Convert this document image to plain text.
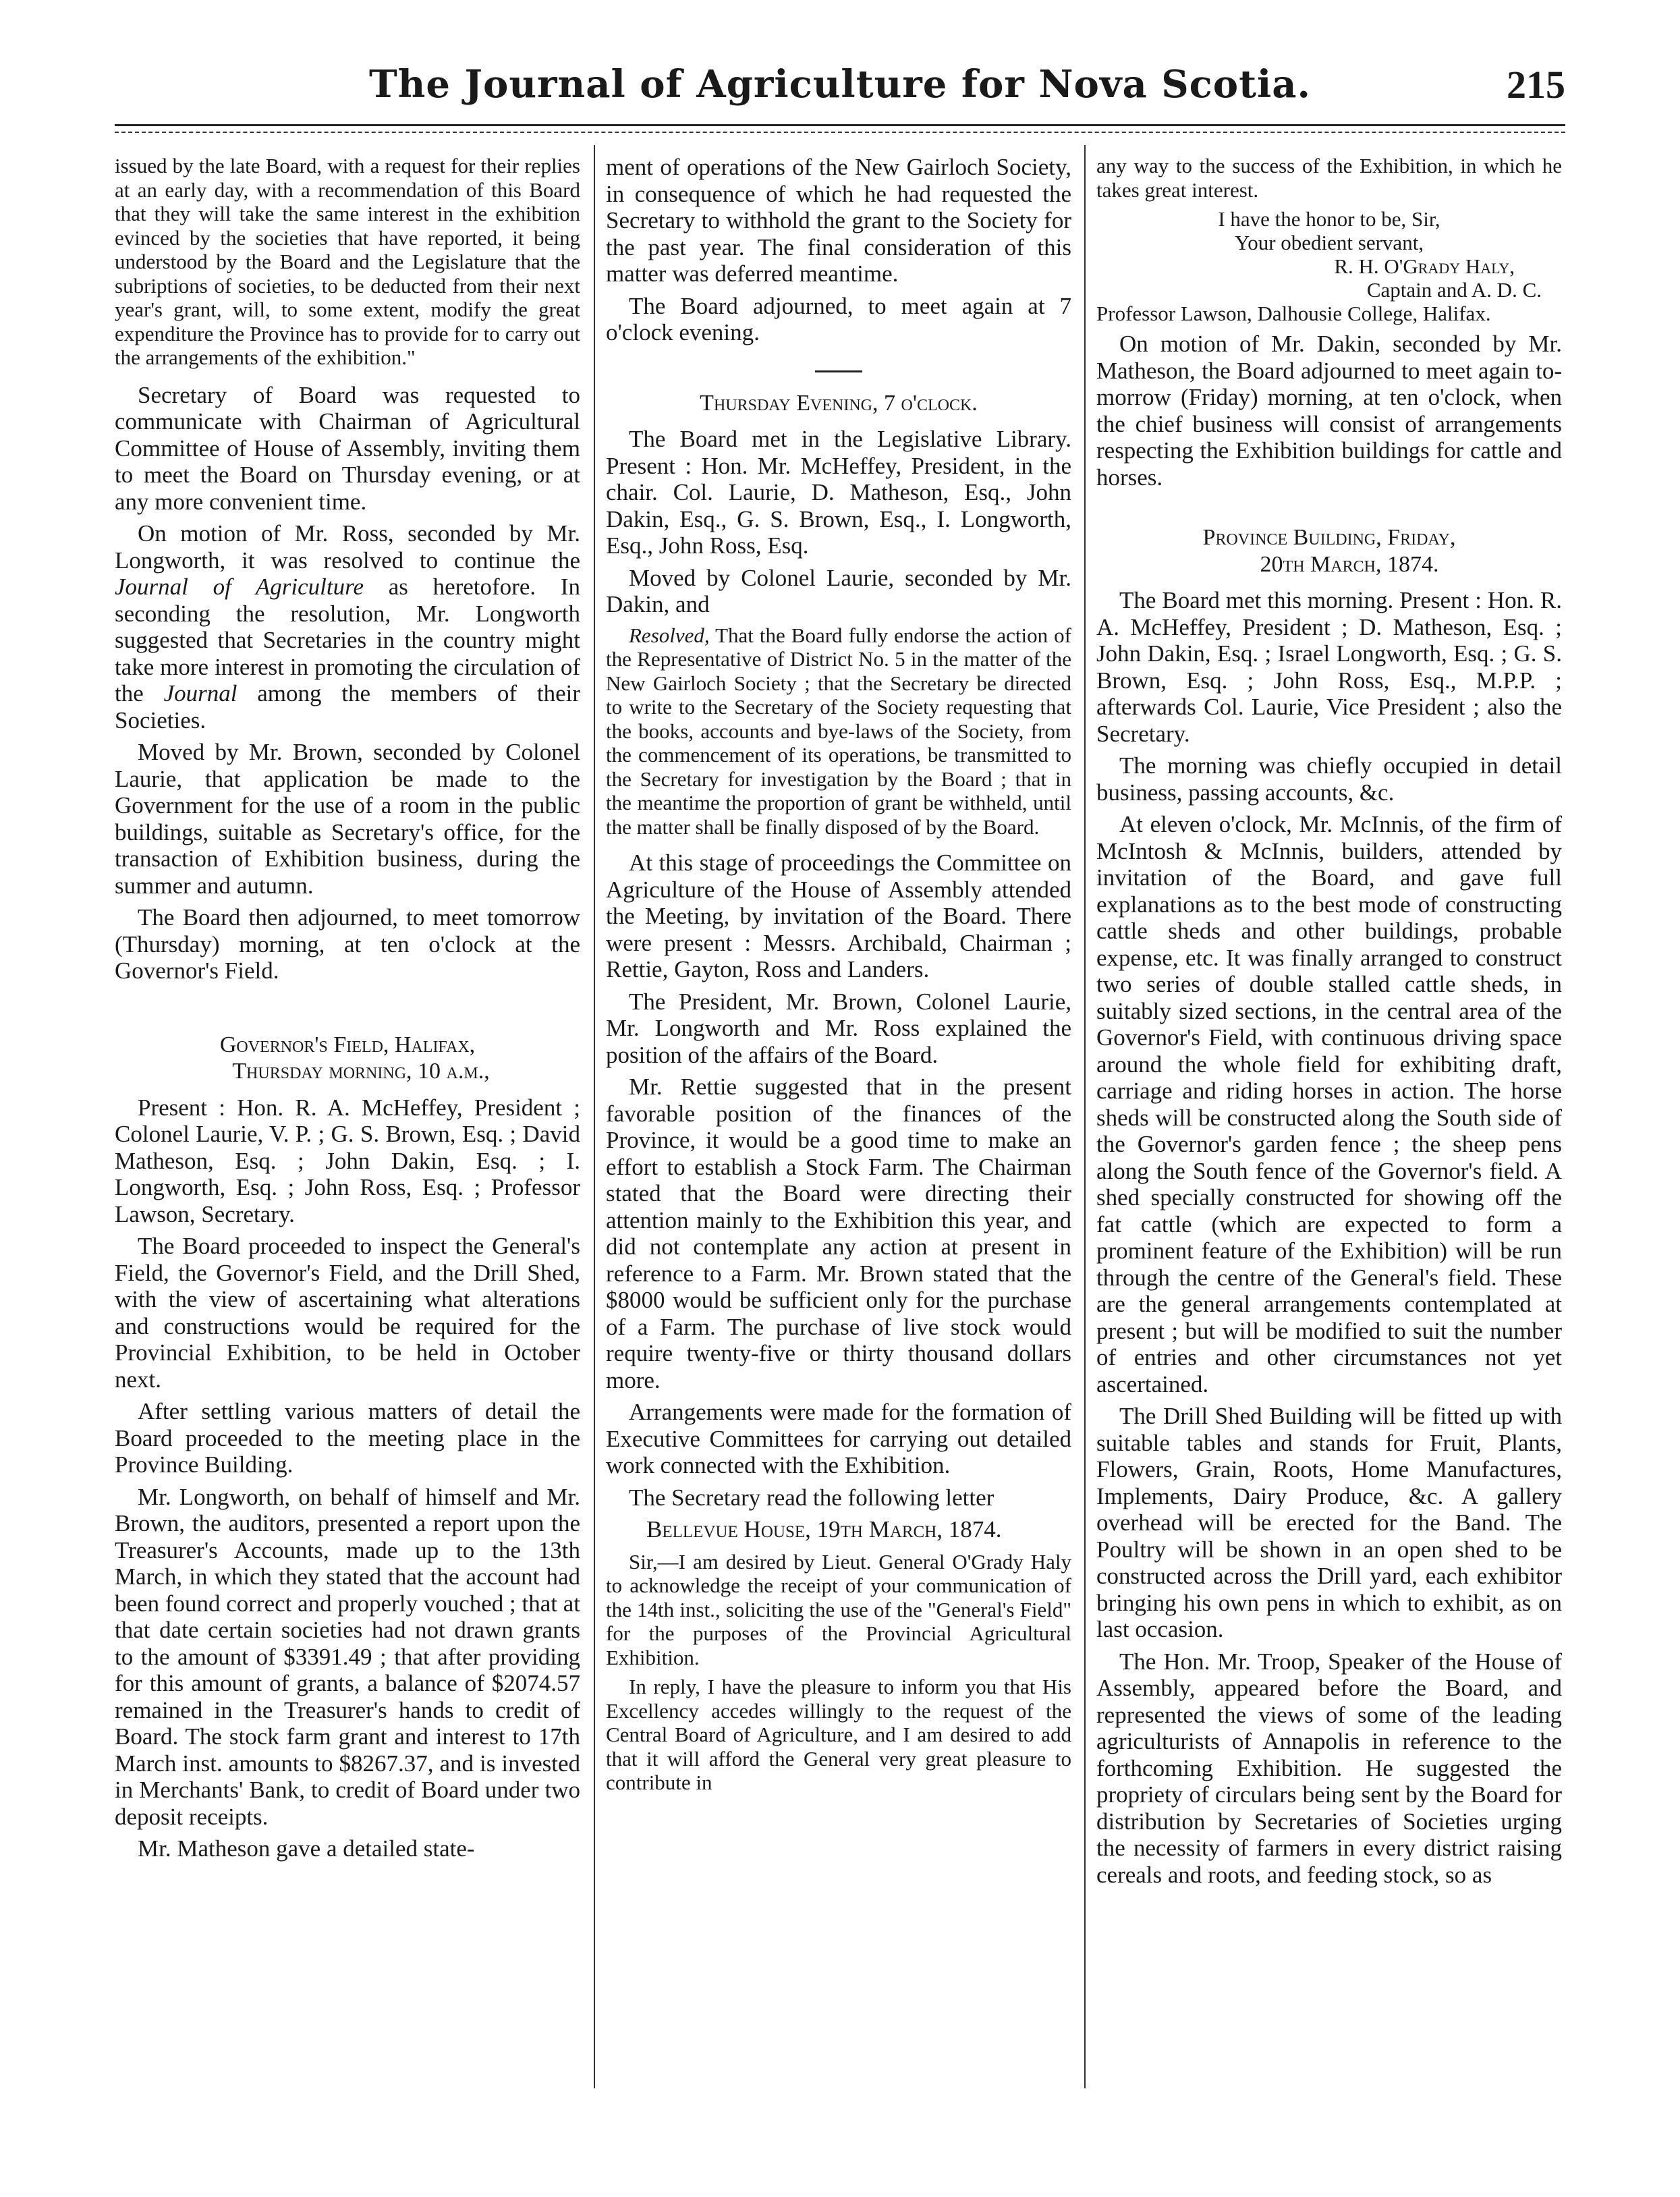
The Journal of Agriculture for Nova Scotia.	215

issued by the late Board, with a request for their replies at an early day, with a recommendation of this Board that they will take the same interest in the exhibition evinced by the societies that have reported, it being understood by the Board and the Legislature that the subriptions of societies, to be deducted from their next year's grant, will, to some extent, modify the great expenditure the Province has to provide for to carry out the arrangements of the exhibition."

Secretary of Board was requested to communicate with Chairman of Agricultural Committee of House of Assembly, inviting them to meet the Board on Thursday evening, or at any more convenient time.

On motion of Mr. Ross, seconded by Mr. Longworth, it was resolved to continue the Journal of Agriculture as heretofore. In seconding the resolution, Mr. Longworth suggested that Secretaries in the country might take more interest in promoting the circulation of the Journal among the members of their Societies.

Moved by Mr. Brown, seconded by Colonel Laurie, that application be made to the Government for the use of a room in the public buildings, suitable as Secretary's office, for the transaction of Exhibition business, during the summer and autumn.

The Board then adjourned, to meet tomorrow (Thursday) morning, at ten o'clock at the Governor's Field.

Governor's Field, Halifax,
Thursday morning, 10 a.m.,

Present : Hon. R. A. McHeffey, President ; Colonel Laurie, V. P. ; G. S. Brown, Esq. ; David Matheson, Esq. ; John Dakin, Esq. ; I. Longworth, Esq. ; John Ross, Esq. ; Professor Lawson, Secretary.

The Board proceeded to inspect the General's Field, the Governor's Field, and the Drill Shed, with the view of ascertaining what alterations and constructions would be required for the Provincial Exhibition, to be held in October next.

After settling various matters of detail the Board proceeded to the meeting place in the Province Building.

Mr. Longworth, on behalf of himself and Mr. Brown, the auditors, presented a report upon the Treasurer's Accounts, made up to the 13th March, in which they stated that the account had been found correct and properly vouched ; that at that date certain societies had not drawn grants to the amount of $3391.49 ; that after providing for this amount of grants, a balance of $2074.57 remained in the Treasurer's hands to credit of Board. The stock farm grant and interest to 17th March inst. amounts to $8267.37, and is invested in Merchants' Bank, to credit of Board under two deposit receipts.

Mr. Matheson gave a detailed state-

ment of operations of the New Gairloch Society, in consequence of which he had requested the Secretary to withhold the grant to the Society for the past year. The final consideration of this matter was deferred meantime.

The Board adjourned, to meet again at 7 o'clock evening.

Thursday Evening, 7 o'clock.

The Board met in the Legislative Library. Present : Hon. Mr. McHeffey, President, in the chair. Col. Laurie, D. Matheson, Esq., John Dakin, Esq., G. S. Brown, Esq., I. Longworth, Esq., John Ross, Esq.

Moved by Colonel Laurie, seconded by Mr. Dakin, and

Resolved, That the Board fully endorse the action of the Representative of District No. 5 in the matter of the New Gairloch Society ; that the Secretary be directed to write to the Secretary of the Society requesting that the books, accounts and bye-laws of the Society, from the commencement of its operations, be transmitted to the Secretary for investigation by the Board ; that in the meantime the proportion of grant be withheld, until the matter shall be finally disposed of by the Board.

At this stage of proceedings the Committee on Agriculture of the House of Assembly attended the Meeting, by invitation of the Board. There were present : Messrs. Archibald, Chairman ; Rettie, Gayton, Ross and Landers.

The President, Mr. Brown, Colonel Laurie, Mr. Longworth and Mr. Ross explained the position of the affairs of the Board.

Mr. Rettie suggested that in the present favorable position of the finances of the Province, it would be a good time to make an effort to establish a Stock Farm. The Chairman stated that the Board were directing their attention mainly to the Exhibition this year, and did not contemplate any action at present in reference to a Farm. Mr. Brown stated that the $8000 would be sufficient only for the purchase of a Farm. The purchase of live stock would require twenty-five or thirty thousand dollars more.

Arrangements were made for the formation of Executive Committees for carrying out detailed work connected with the Exhibition.

The Secretary read the following letter

Bellevue House, 19th March, 1874.

Sir,—I am desired by Lieut. General O'Grady Haly to acknowledge the receipt of your communication of the 14th inst., soliciting the use of the "General's Field" for the purposes of the Provincial Agricultural Exhibition.

In reply, I have the pleasure to inform you that His Excellency accedes willingly to the request of the Central Board of Agriculture, and I am desired to add that it will afford the General very great pleasure to contribute in

any way to the success of the Exhibition, in which he takes great interest.

I have the honor to be, Sir,
Your obedient servant,
R. H. O'Grady Haly,
Captain and A. D. C.
Professor Lawson, Dalhousie College, Halifax.

On motion of Mr. Dakin, seconded by Mr. Matheson, the Board adjourned to meet again to-morrow (Friday) morning, at ten o'clock, when the chief business will consist of arrangements respecting the Exhibition buildings for cattle and horses.

Province Building, Friday,
20th March, 1874.

The Board met this morning. Present : Hon. R. A. McHeffey, President ; D. Matheson, Esq. ; John Dakin, Esq. ; Israel Longworth, Esq. ; G. S. Brown, Esq. ; John Ross, Esq., M.P.P. ; afterwards Col. Laurie, Vice President ; also the Secretary.

The morning was chiefly occupied in detail business, passing accounts, &c.

At eleven o'clock, Mr. McInnis, of the firm of McIntosh & McInnis, builders, attended by invitation of the Board, and gave full explanations as to the best mode of constructing cattle sheds and other buildings, probable expense, etc. It was finally arranged to construct two series of double stalled cattle sheds, in suitably sized sections, in the central area of the Governor's Field, with continuous driving space around the whole field for exhibiting draft, carriage and riding horses in action. The horse sheds will be constructed along the South side of the Governor's garden fence ; the sheep pens along the South fence of the Governor's field. A shed specially constructed for showing off the fat cattle (which are expected to form a prominent feature of the Exhibition) will be run through the centre of the General's field. These are the general arrangements contemplated at present ; but will be modified to suit the number of entries and other circumstances not yet ascertained.

The Drill Shed Building will be fitted up with suitable tables and stands for Fruit, Plants, Flowers, Grain, Roots, Home Manufactures, Implements, Dairy Produce, &c. A gallery overhead will be erected for the Band. The Poultry will be shown in an open shed to be constructed across the Drill yard, each exhibitor bringing his own pens in which to exhibit, as on last occasion.

The Hon. Mr. Troop, Speaker of the House of Assembly, appeared before the Board, and represented the views of some of the leading agriculturists of Annapolis in reference to the forthcoming Exhibition. He suggested the propriety of circulars being sent by the Board for distribution by Secretaries of Societies urging the necessity of farmers in every district raising cereals and roots, and feeding stock, so as
